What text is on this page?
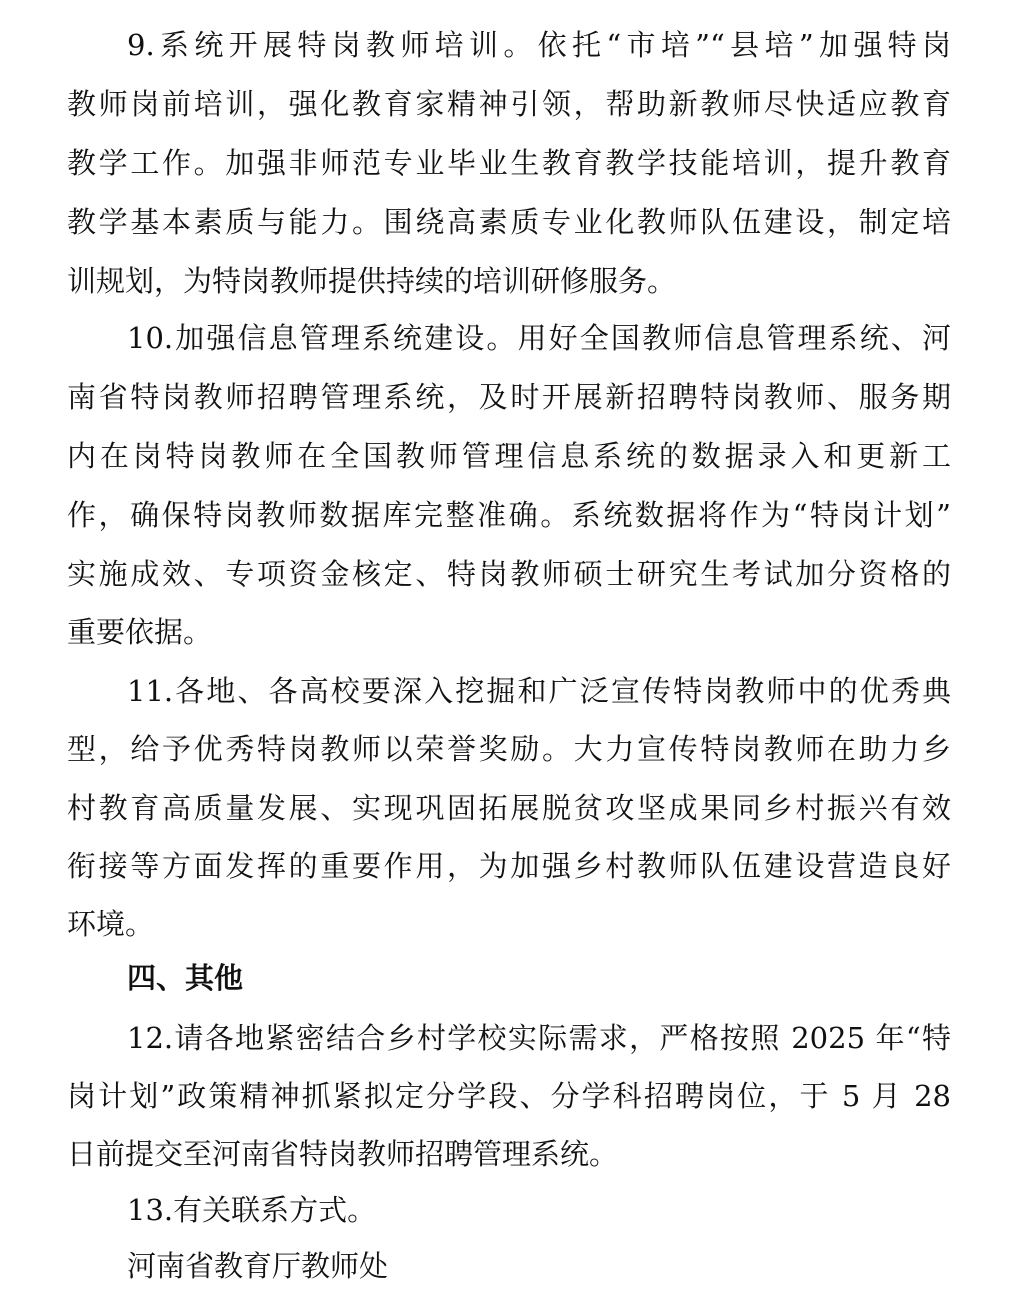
9.系统开展特岗教师培训。依托“市培”“县培”加强特岗
教师岗前培训，强化教育家精神引领，帮助新教师尽快适应教育
教学工作。加强非师范专业毕业生教育教学技能培训，提升教育
教学基本素质与能力。围绕高素质专业化教师队伍建设，制定培
训规划，为特岗教师提供持续的培训研修服务。
10.加强信息管理系统建设。用好全国教师信息管理系统、河
南省特岗教师招聘管理系统，及时开展新招聘特岗教师、服务期
内在岗特岗教师在全国教师管理信息系统的数据录入和更新工
作，确保特岗教师数据库完整准确。系统数据将作为“特岗计划”
实施成效、专项资金核定、特岗教师硕士研究生考试加分资格的
重要依据。
11.各地、各高校要深入挖掘和广泛宣传特岗教师中的优秀典
型，给予优秀特岗教师以荣誉奖励。大力宣传特岗教师在助力乡
村教育高质量发展、实现巩固拓展脱贫攻坚成果同乡村振兴有效
衔接等方面发挥的重要作用，为加强乡村教师队伍建设营造良好
环境。
四、其他
12.请各地紧密结合乡村学校实际需求，严格按照 2025 年“特
岗计划”政策精神抓紧拟定分学段、分学科招聘岗位，于 5 月 28
日前提交至河南省特岗教师招聘管理系统。
13.有关联系方式。
河南省教育厅教师处
